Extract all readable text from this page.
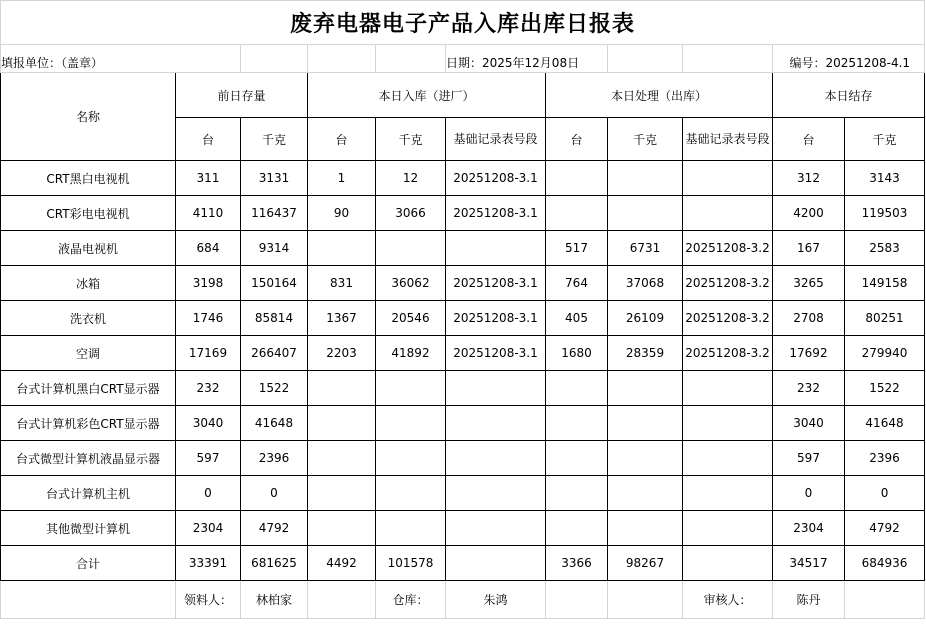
废弃电器电子产品入库出库日报表										
填报单位：（盖章）					日期：2025年12月08日				编号：20251208-4.1	
名称	前日存量		本日入库（进厂）			本日处理（出库）			本日结存	
	台	千克	台	千克	基础记录表号段	台	千克	基础记录表号段	台	千克
CRT黑白电视机	311	3131	1	12	20251208-3.1				312	3143
CRT彩电电视机	4110	116437	90	3066	20251208-3.1				4200	119503
液晶电视机	684	9314				517	6731	20251208-3.2	167	2583
冰箱	3198	150164	831	36062	20251208-3.1	764	37068	20251208-3.2	3265	149158
洗衣机	1746	85814	1367	20546	20251208-3.1	405	26109	20251208-3.2	2708	80251
空调	17169	266407	2203	41892	20251208-3.1	1680	28359	20251208-3.2	17692	279940
台式计算机黑白CRT显示器	232	1522							232	1522
台式计算机彩色CRT显示器	3040	41648							3040	41648
台式微型计算机液晶显示器	597	2396							597	2396
台式计算机主机	0	0							0	0
其他微型计算机	2304	4792							2304	4792
合计	33391	681625	4492	101578		3366	98267		34517	684936
	领料人：	林柏家		仓库：	朱鸿			审核人：	陈丹	
